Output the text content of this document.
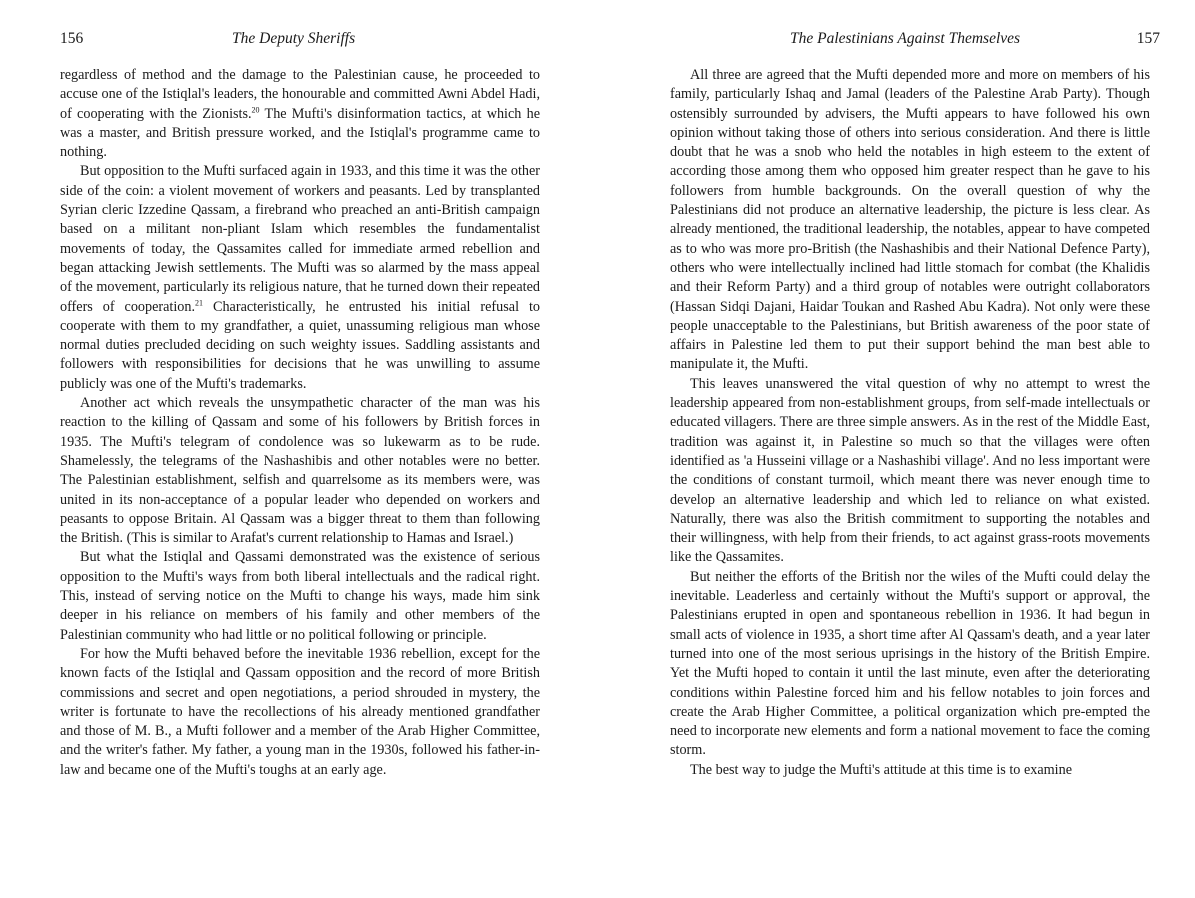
156	The Deputy Sheriffs

regardless of method and the damage to the Palestinian cause, he proceeded to accuse one of the Istiqlal's leaders, the honourable and committed Awni Abdel Hadi, of cooperating with the Zionists.$^{20}$ The Mufti's disinformation tactics, at which he was a master, and British pressure worked, and the Istiqlal's programme came to nothing.

But opposition to the Mufti surfaced again in 1933, and this time it was the other side of the coin: a violent movement of workers and peasants. Led by transplanted Syrian cleric Izzedine Qassam, a firebrand who preached an anti-British campaign based on a militant non-pliant Islam which resembles the fundamentalist movements of today, the Qassamites called for immediate armed rebellion and began attacking Jewish settlements. The Mufti was so alarmed by the mass appeal of the movement, particularly its religious nature, that he turned down their repeated offers of cooperation.$^{21}$ Characteristically, he entrusted his initial refusal to cooperate with them to my grandfather, a quiet, unassuming religious man whose normal duties precluded deciding on such weighty issues. Saddling assistants and followers with responsibilities for decisions that he was unwilling to assume publicly was one of the Mufti's trademarks.

Another act which reveals the unsympathetic character of the man was his reaction to the killing of Qassam and some of his followers by British forces in 1935. The Mufti's telegram of condolence was so lukewarm as to be rude. Shamelessly, the telegrams of the Nashashibis and other notables were no better. The Palestinian establishment, selfish and quarrelsome as its members were, was united in its non-acceptance of a popular leader who depended on workers and peasants to oppose Britain. Al Qassam was a bigger threat to them than following the British. (This is similar to Arafat's current relationship to Hamas and Israel.)

But what the Istiqlal and Qassami demonstrated was the existence of serious opposition to the Mufti's ways from both liberal intellectuals and the radical right. This, instead of serving notice on the Mufti to change his ways, made him sink deeper in his reliance on members of his family and other members of the Palestinian community who had little or no political following or principle.

For how the Mufti behaved before the inevitable 1936 rebellion, except for the known facts of the Istiqlal and Qassam opposition and the record of more British commissions and secret and open negotiations, a period shrouded in mystery, the writer is fortunate to have the recollections of his already mentioned grandfather and those of M. B., a Mufti follower and a member of the Arab Higher Committee, and the writer's father. My father, a young man in the 1930s, followed his father-in-law and became one of the Mufti's toughs at an early age.

The Palestinians Against Themselves	157

All three are agreed that the Mufti depended more and more on members of his family, particularly Ishaq and Jamal (leaders of the Palestine Arab Party). Though ostensibly surrounded by advisers, the Mufti appears to have followed his own opinion without taking those of others into serious consideration. And there is little doubt that he was a snob who held the notables in high esteem to the extent of according those among them who opposed him greater respect than he gave to his followers from humble backgrounds. On the overall question of why the Palestinians did not produce an alternative leadership, the picture is less clear. As already mentioned, the traditional leadership, the notables, appear to have competed as to who was more pro-British (the Nashashibis and their National Defence Party), others who were intellectually inclined had little stomach for combat (the Khalidis and their Reform Party) and a third group of notables were outright collaborators (Hassan Sidqi Dajani, Haidar Toukan and Rashed Abu Kadra). Not only were these people unacceptable to the Palestinians, but British awareness of the poor state of affairs in Palestine led them to put their support behind the man best able to manipulate it, the Mufti.

This leaves unanswered the vital question of why no attempt to wrest the leadership appeared from non-establishment groups, from self-made intellectuals or educated villagers. There are three simple answers. As in the rest of the Middle East, tradition was against it, in Palestine so much so that the villages were often identified as 'a Husseini village or a Nashashibi village'. And no less important were the conditions of constant turmoil, which meant there was never enough time to develop an alternative leadership and which led to reliance on what existed. Naturally, there was also the British commitment to supporting the notables and their willingness, with help from their friends, to act against grass-roots movements like the Qassamites.

But neither the efforts of the British nor the wiles of the Mufti could delay the inevitable. Leaderless and certainly without the Mufti's support or approval, the Palestinians erupted in open and spontaneous rebellion in 1936. It had begun in small acts of violence in 1935, a short time after Al Qassam's death, and a year later turned into one of the most serious uprisings in the history of the British Empire. Yet the Mufti hoped to contain it until the last minute, even after the deteriorating conditions within Palestine forced him and his fellow notables to join forces and create the Arab Higher Committee, a political organization which pre-empted the need to incorporate new elements and form a national movement to face the coming storm.

The best way to judge the Mufti's attitude at this time is to examine
